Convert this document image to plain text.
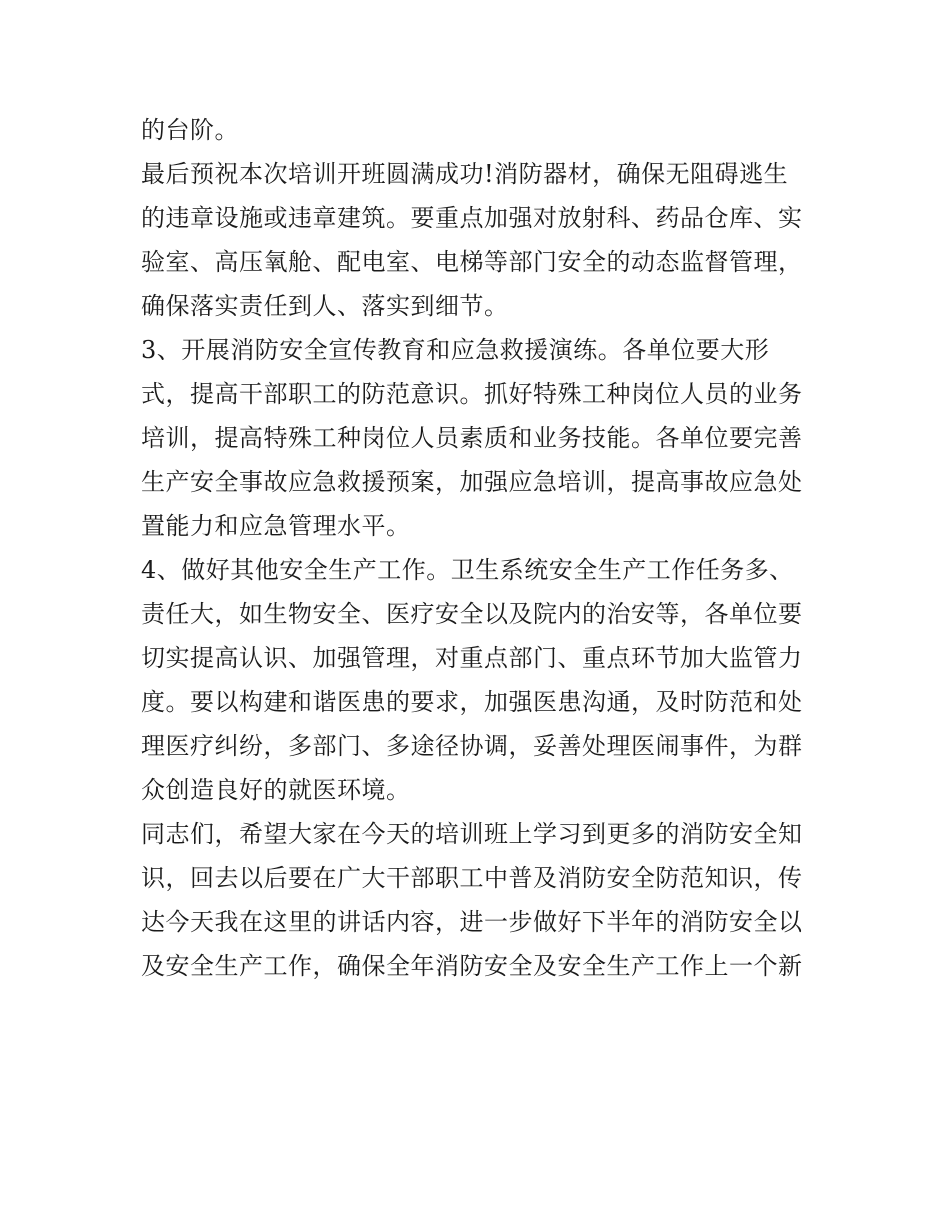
的台阶。
最后预祝本次培训开班圆满成功!消防器材，确保无阻碍逃生
的违章设施或违章建筑。要重点加强对放射科、药品仓库、实
验室、高压氧舱、配电室、电梯等部门安全的动态监督管理，
确保落实责任到人、落实到细节。
3、开展消防安全宣传教育和应急救援演练。各单位要大形
式，提高干部职工的防范意识。抓好特殊工种岗位人员的业务
培训，提高特殊工种岗位人员素质和业务技能。各单位要完善
生产安全事故应急救援预案，加强应急培训，提高事故应急处
置能力和应急管理水平。
4、做好其他安全生产工作。卫生系统安全生产工作任务多、
责任大，如生物安全、医疗安全以及院内的治安等，各单位要
切实提高认识、加强管理，对重点部门、重点环节加大监管力
度。要以构建和谐医患的要求，加强医患沟通，及时防范和处
理医疗纠纷，多部门、多途径协调，妥善处理医闹事件，为群
众创造良好的就医环境。
同志们，希望大家在今天的培训班上学习到更多的消防安全知
识，回去以后要在广大干部职工中普及消防安全防范知识，传
达今天我在这里的讲话内容，进一步做好下半年的消防安全以
及安全生产工作，确保全年消防安全及安全生产工作上一个新
